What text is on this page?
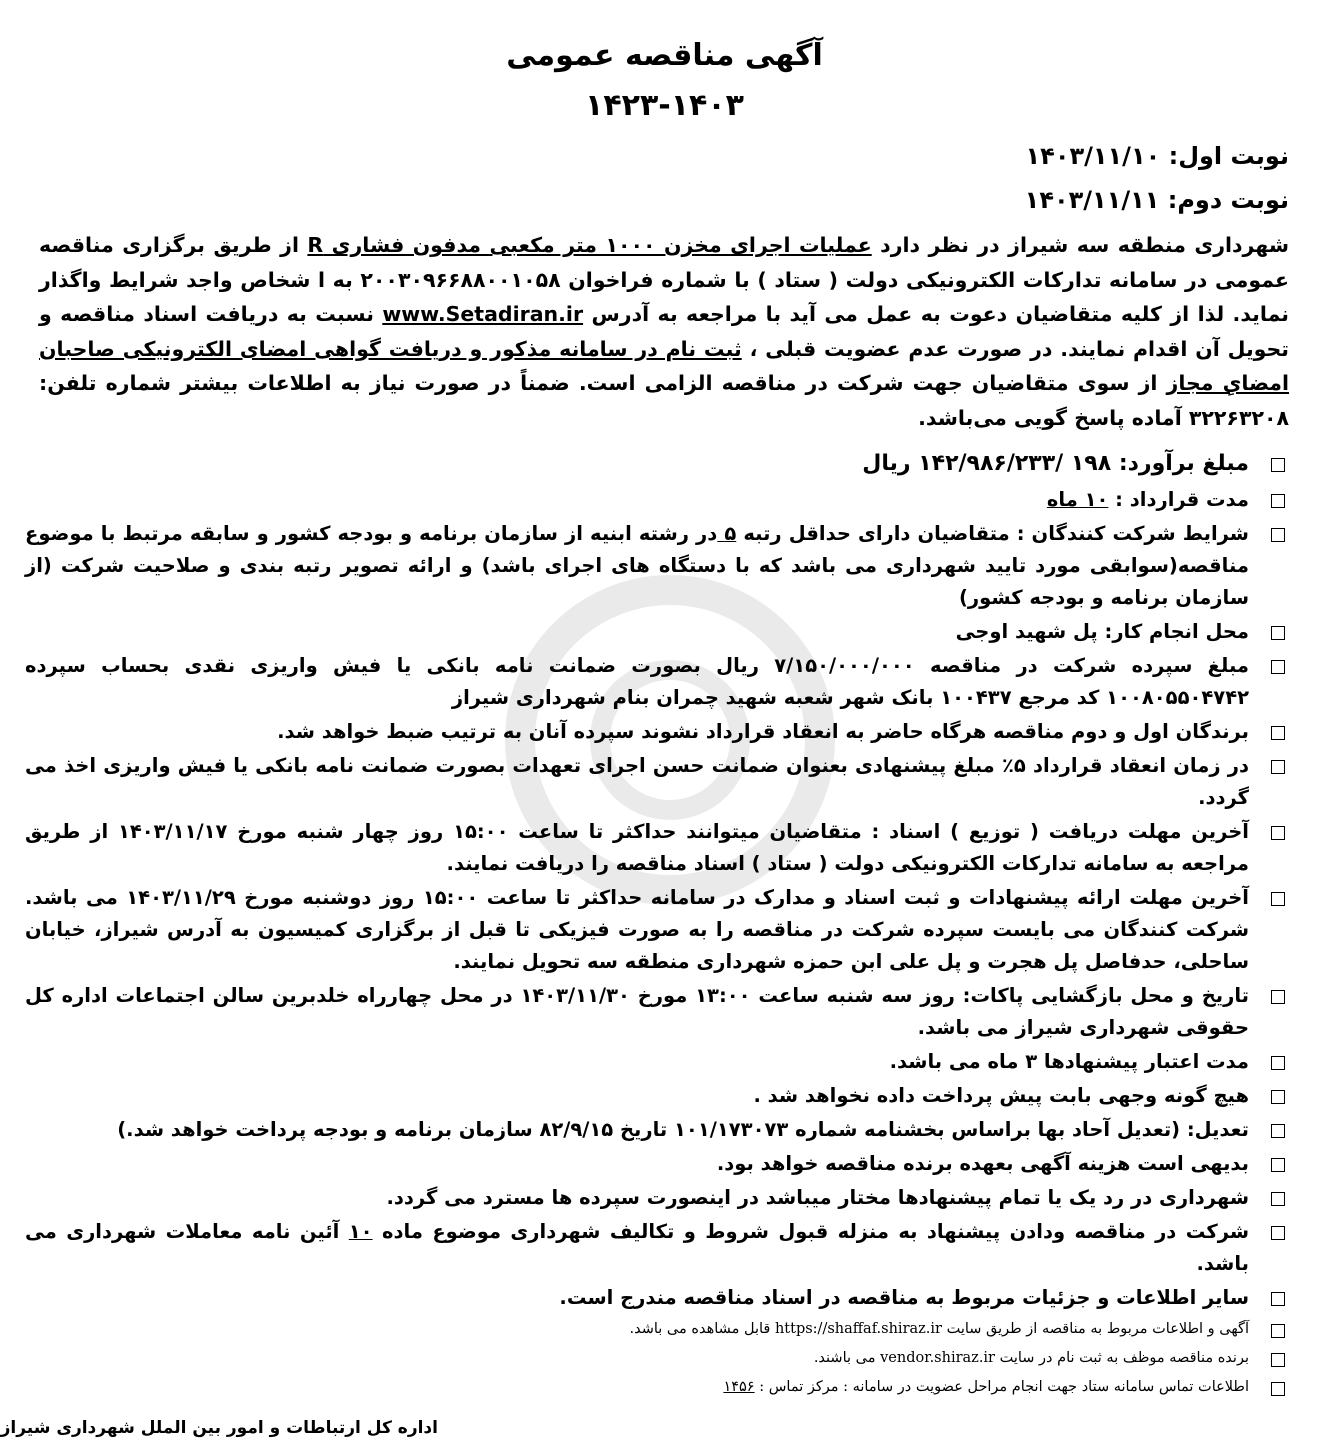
آگهی مناقصه عمومی
۱۴۲۳-۱۴۰۳
نوبت اول: ۱۴۰۳/۱۱/۱۰
نوبت دوم: ۱۴۰۳/۱۱/۱۱
شهرداری منطقه سه شیراز در نظر دارد عملیات اجرای مخزن ۱۰۰۰ متر مکعبی مدفون فشاری R از طریق برگزاری مناقصه عمومی در سامانه تدارکات الکترونیکی دولت ( ستاد ) با شماره فراخوان ۲۰۰۳۰۹۶۶۸۸۰۰۱۰۵۸ به ا شخاص واجد شرایط واگذار نماید. لذا از کلیه متقاضیان دعوت به عمل می آید با مراجعه به آدرس www.Setadiran.ir نسبت به دریافت اسناد مناقصه و تحویل آن اقدام نمایند. در صورت عدم عضویت قبلی ، ثبت نام در سامانه مذکور و دریافت گواهی امضای الکترونیکی صاحبان امضایِ مجاز از سوی متقاضیان جهت شرکت در مناقصه الزامی است. ضمناً در صورت نیاز به اطلاعات بیشتر شماره تلفن: ۳۲۲۶۳۲۰۸ آماده پاسخ گویی می‌باشد.
مبلغ برآورد: ۱۹۸ /۱۴۲/۹۸۶/۲۳۳ ریال
مدت قرارداد : ۱۰ ماه
شرایط شرکت کنندگان : متقاضیان دارای حداقل رتبه ۵ در رشته ابنیه از سازمان برنامه و بودجه کشور و سابقه مرتبط با موضوع مناقصه(سوابقی مورد تایید شهرداری می باشد که با دستگاه های اجرای باشد) و ارائه تصویر رتبه بندی و صلاحیت شرکت (از سازمان برنامه و بودجه کشور)
محل انجام کار: پل شهید اوجی
مبلغ سپرده شرکت در مناقصه ۷/۱۵۰/۰۰۰/۰۰۰ ریال بصورت ضمانت نامه بانکی یا فیش واریزی نقدی بحساب سپرده ۱۰۰۸۰۵۵۰۴۷۴۲ کد مرجع ۱۰۰۴۳۷ بانک شهر شعبه شهید چمران بنام شهرداری شیراز
برندگان اول و دوم مناقصه هرگاه حاضر به انعقاد قرارداد نشوند سپرده آنان به ترتیب ضبط خواهد شد.
در زمان انعقاد قرارداد ۵٪ مبلغ پیشنهادی بعنوان ضمانت حسن اجرای تعهدات بصورت ضمانت نامه بانکی یا فیش واریزی اخذ می گردد.
آخرین مهلت دریافت ( توزیع ) اسناد : متقاضیان میتوانند حداکثر تا ساعت ۱۵:۰۰ روز چهار شنبه مورخ ۱۴۰۳/۱۱/۱۷ از طریق مراجعه به سامانه تدارکات الکترونیکی دولت ( ستاد ) اسناد مناقصه را دریافت نمایند.
آخرین مهلت ارائه پیشنهادات و ثبت اسناد و مدارک در سامانه حداکثر تا ساعت ۱۵:۰۰ روز دوشنبه مورخ ۱۴۰۳/۱۱/۲۹ می باشد. شرکت کنندگان می بایست سپرده شرکت در مناقصه را به صورت فیزیکی تا قبل از برگزاری کمیسیون به آدرس شیراز، خیابان ساحلی، حدفاصل پل هجرت و پل علی ابن حمزه شهرداری منطقه سه تحویل نمایند.
تاریخ و محل بازگشایی پاکات: روز سه شنبه ساعت ۱۳:۰۰ مورخ ۱۴۰۳/۱۱/۳۰ در محل چهارراه خلدبرین سالن اجتماعات اداره کل حقوقی شهرداری شیراز می باشد.
مدت اعتبار پیشنهادها ۳ ماه می باشد.
هیچ گونه وجهی بابت پیش پرداخت داده نخواهد شد .
تعدیل: (تعدیل آحاد بها براساس بخشنامه شماره ۱۰۱/۱۷۳۰۷۳ تاریخ ۸۲/۹/۱۵ سازمان برنامه و بودجه پرداخت خواهد شد.)
بدیهی است هزینه آگهی بعهده برنده مناقصه خواهد بود.
شهرداری در رد یک یا تمام پیشنهادها مختار میباشد در اینصورت سپرده ها مسترد می گردد.
شرکت در مناقصه ودادن پیشنهاد به منزله قبول شروط و تکالیف شهرداری موضوع ماده ۱۰ آئین نامه معاملات شهرداری می باشد.
سایر اطلاعات و جزئیات مربوط به مناقصه در اسناد مناقصه مندرج است.
آگهی و اطلاعات مربوط به مناقصه از طریق سایت https://shaffaf.shiraz.ir قابل مشاهده می باشد.
برنده مناقصه موظف به ثبت نام در سایت vendor.shiraz.ir می باشند.
اطلاعات تماس سامانه ستاد جهت انجام مراحل عضویت در سامانه : مرکز تماس : ۱۴۵۶
اداره کل ارتباطات و امور بین الملل شهرداری شیراز
